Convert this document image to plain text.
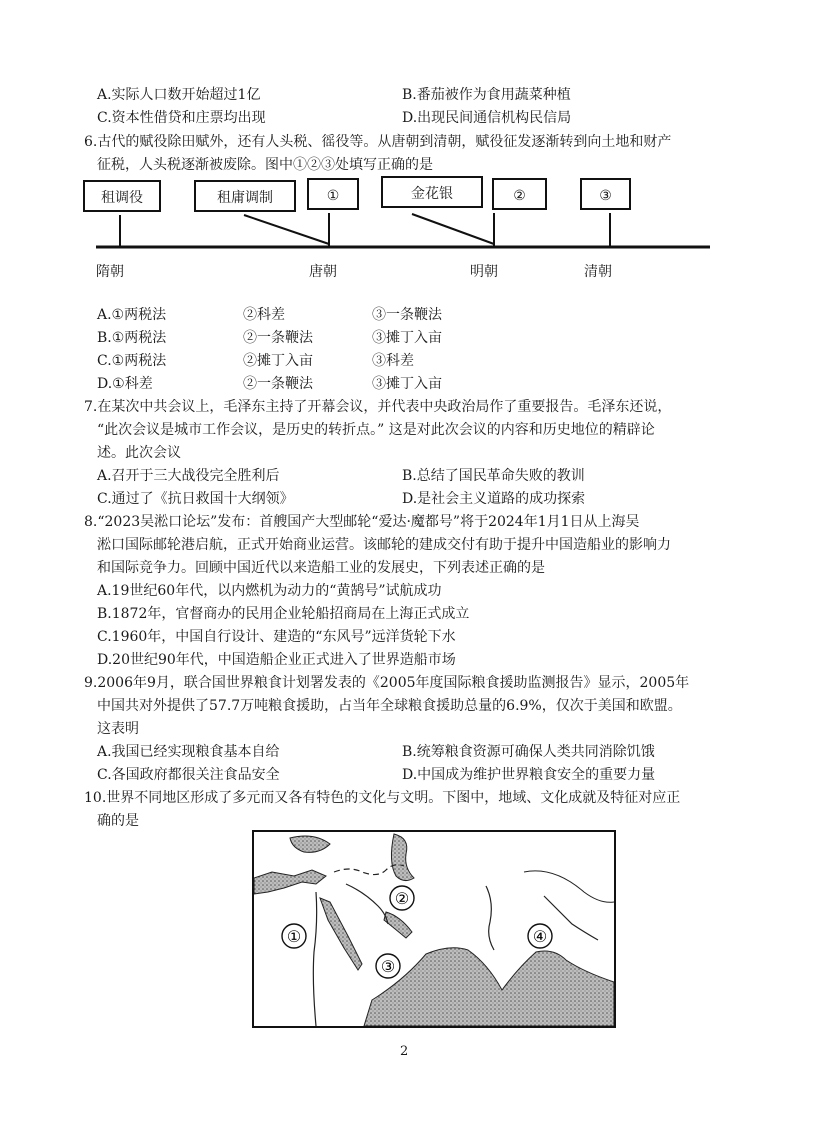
A.实际人口数开始超过1亿	B.番茄被作为食用蔬菜种植
C.资本性借贷和庄票均出现	D.出现民间通信机构民信局
6.古代的赋役除田赋外，还有人头税、徭役等。从唐朝到清朝，赋役征发逐渐转到向土地和财产
征税，人头税逐渐被废除。图中①②③处填写正确的是
租调役	租庸调制	①	金花银	②	③
隋朝	唐朝	明朝	清朝
A.①两税法	②科差	③一条鞭法
B.①两税法	②一条鞭法	③摊丁入亩
C.①两税法	②摊丁入亩	③科差
D.①科差	②一条鞭法	③摊丁入亩
7.在某次中共会议上，毛泽东主持了开幕会议，并代表中央政治局作了重要报告。毛泽东还说，
“此次会议是城市工作会议，是历史的转折点。” 这是对此次会议的内容和历史地位的精辟论
述。此次会议
A.召开于三大战役完全胜利后	B.总结了国民革命失败的教训
C.通过了《抗日救国十大纲领》	D.是社会主义道路的成功探索
8.“2023吴淞口论坛”发布：首艘国产大型邮轮“爱达·魔都号”将于2024年1月1日从上海吴
淞口国际邮轮港启航，正式开始商业运营。该邮轮的建成交付有助于提升中国造船业的影响力
和国际竞争力。回顾中国近代以来造船工业的发展史，下列表述正确的是
A.19世纪60年代，以内燃机为动力的“黄鹄号”试航成功
B.1872年，官督商办的民用企业轮船招商局在上海正式成立
C.1960年，中国自行设计、建造的“东风号”远洋货轮下水
D.20世纪90年代，中国造船企业正式进入了世界造船市场
9.2006年9月，联合国世界粮食计划署发表的《2005年度国际粮食援助监测报告》显示，2005年
中国共对外提供了57.7万吨粮食援助，占当年全球粮食援助总量的6.9%，仅次于美国和欧盟。
这表明
A.我国已经实现粮食基本自给	B.统筹粮食资源可确保人类共同消除饥饿
C.各国政府都很关注食品安全	D.中国成为维护世界粮食安全的重要力量
10.世界不同地区形成了多元而又各有特色的文化与文明。下图中，地域、文化成就及特征对应正
确的是
①
②
③
④
2
